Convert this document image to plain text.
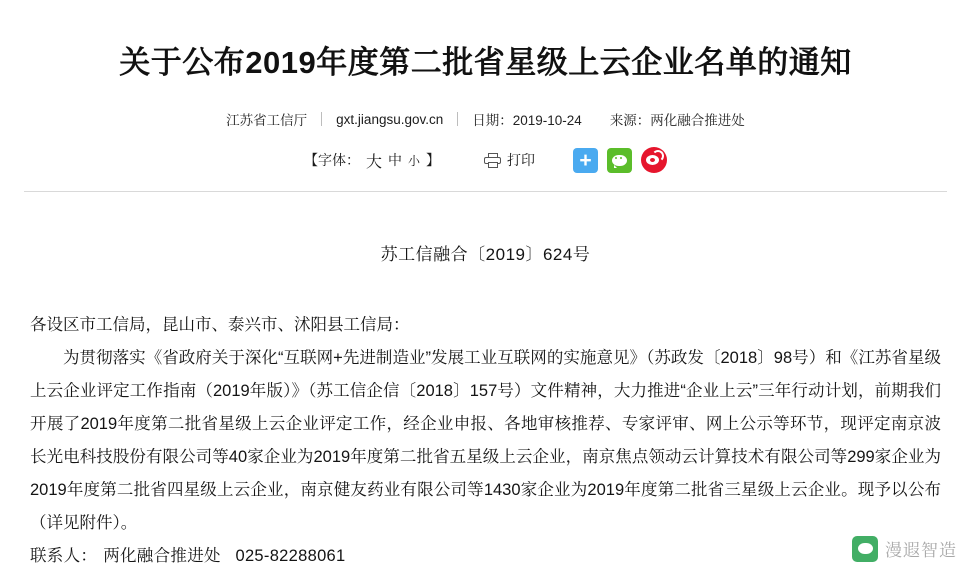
关于公布2019年度第二批省星级上云企业名单的通知
江苏省工信厅	gxt.jiangsu.gov.cn	日期：2019-10-24	来源：两化融合推进处
【字体： 大 中 小 】	打印	+
苏工信融合〔2019〕624号

各设区市工信局，昆山市、泰兴市、沭阳县工信局：

为贯彻落实《省政府关于深化“互联网+先进制造业”发展工业互联网的实施意见》（苏政发〔2018〕98号）和《江苏省星级上云企业评定工作指南（2019年版）》（苏工信企信〔2018〕157号）文件精神，大力推进“企业上云”三年行动计划，前期我们开展了2019年度第二批省星级上云企业评定工作，经企业申报、各地审核推荐、专家评审、网上公示等环节，现评定南京波长光电科技股份有限公司等40家企业为2019年度第二批省五星级上云企业，南京焦点领动云计算技术有限公司等299家企业为2019年度第二批省四星级上云企业，南京健友药业有限公司等1430家企业为2019年度第二批省三星级上云企业。现予以公布（详见附件）。

联系人： 两化融合推进处 025-82288061	漫遐智造
